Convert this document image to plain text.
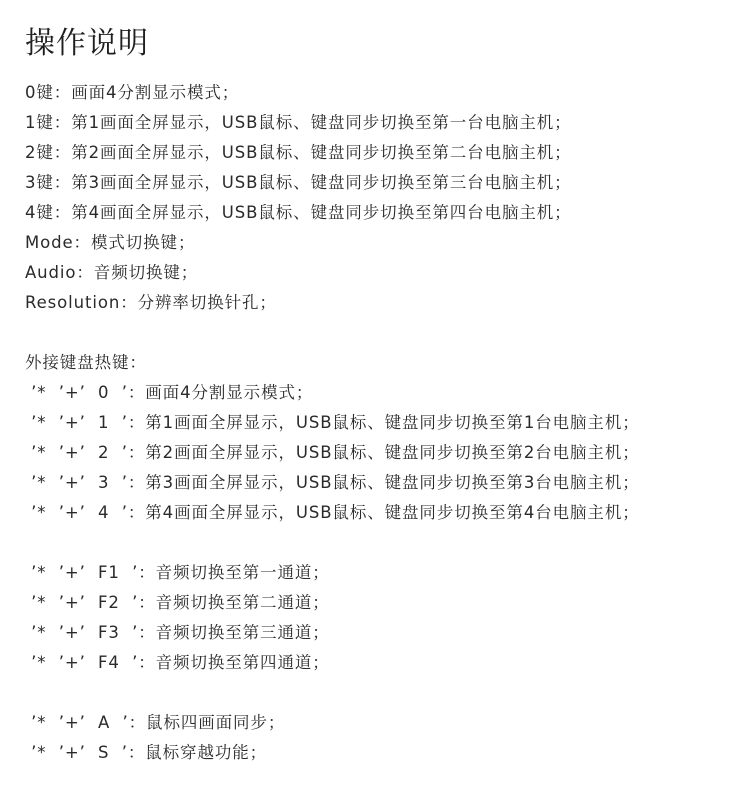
操作说明
0键：画面4分割显示模式；
1键：第1画面全屏显示，USB鼠标、键盘同步切换至第一台电脑主机；
2键：第2画面全屏显示，USB鼠标、键盘同步切换至第二台电脑主机；
3键：第3画面全屏显示，USB鼠标、键盘同步切换至第三台电脑主机；
4键：第4画面全屏显示，USB鼠标、键盘同步切换至第四台电脑主机；
Mode：模式切换键；
Audio：音频切换键；
Resolution：分辨率切换针孔；
外接键盘热键：
’*  ’+’  0  ’：画面4分割显示模式；
’*  ’+’  1  ’：第1画面全屏显示，USB鼠标、键盘同步切换至第1台电脑主机；
’*  ’+’  2  ’：第2画面全屏显示，USB鼠标、键盘同步切换至第2台电脑主机；
’*  ’+’  3  ’：第3画面全屏显示，USB鼠标、键盘同步切换至第3台电脑主机；
’*  ’+’  4  ’：第4画面全屏显示，USB鼠标、键盘同步切换至第4台电脑主机；
’*  ’+’  F1  ’：音频切换至第一通道；
’*  ’+’  F2  ’：音频切换至第二通道；
’*  ’+’  F3  ’：音频切换至第三通道；
’*  ’+’  F4  ’：音频切换至第四通道；
’*  ’+’  A  ’：鼠标四画面同步；
’*  ’+’  S  ’：鼠标穿越功能；
